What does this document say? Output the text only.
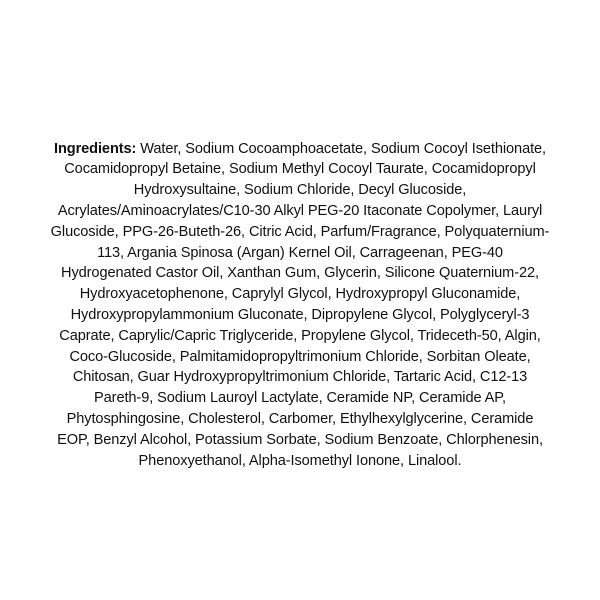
Ingredients: Water, Sodium Cocoamphoacetate, Sodium Cocoyl Isethionate, Cocamidopropyl Betaine, Sodium Methyl Cocoyl Taurate, Cocamidopropyl Hydroxysultaine, Sodium Chloride, Decyl Glucoside, Acrylates/Aminoacrylates/C10-30 Alkyl PEG-20 Itaconate Copolymer, Lauryl Glucoside, PPG-26-Buteth-26, Citric Acid, Parfum/Fragrance, Polyquaternium-113, Argania Spinosa (Argan) Kernel Oil, Carrageenan, PEG-40 Hydrogenated Castor Oil, Xanthan Gum, Glycerin, Silicone Quaternium-22, Hydroxyacetophenone, Caprylyl Glycol, Hydroxypropyl Gluconamide, Hydroxypropylammonium Gluconate, Dipropylene Glycol, Polyglyceryl-3 Caprate, Caprylic/Capric Triglyceride, Propylene Glycol, Trideceth-50, Algin, Coco-Glucoside, Palmitamidopropyltrimonium Chloride, Sorbitan Oleate, Chitosan, Guar Hydroxypropyltrimonium Chloride, Tartaric Acid, C12-13 Pareth-9, Sodium Lauroyl Lactylate, Ceramide NP, Ceramide AP, Phytosphingosine, Cholesterol, Carbomer, Ethylhexylglycerine, Ceramide EOP, Benzyl Alcohol, Potassium Sorbate, Sodium Benzoate, Chlorphenesin, Phenoxyethanol, Alpha-Isomethyl Ionone, Linalool.
